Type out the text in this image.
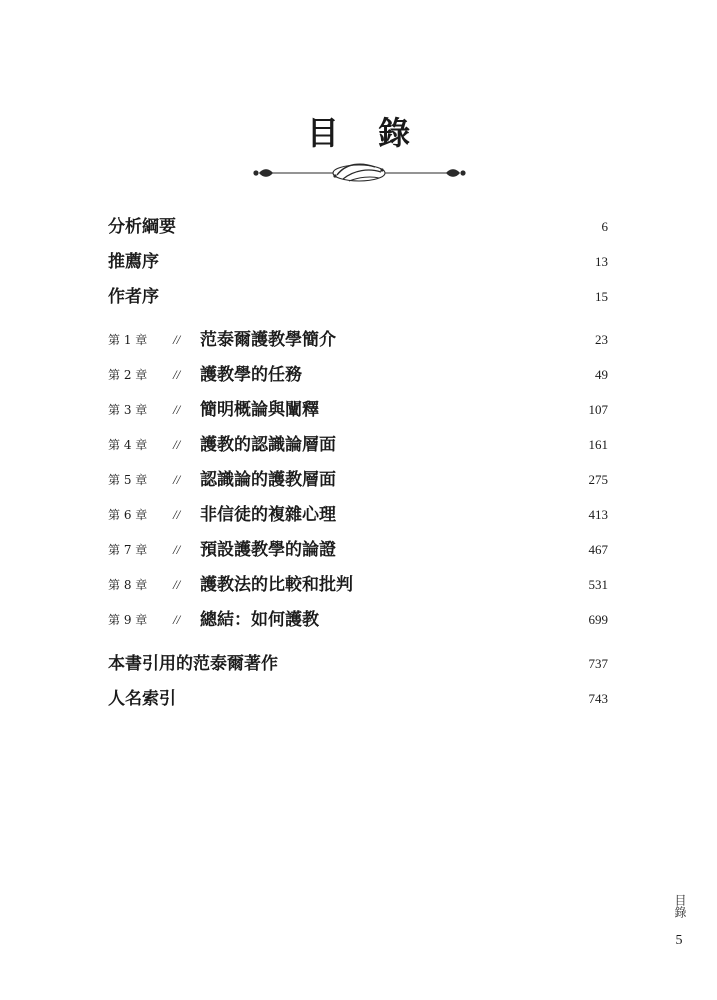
目 錄
分析綱要	6
推薦序	13
作者序	15
第 1 章 // 范泰爾護教學簡介	23
第 2 章 // 護教學的任務	49
第 3 章 // 簡明概論與闡釋	107
第 4 章 // 護教的認識論層面	161
第 5 章 // 認識論的護教層面	275
第 6 章 // 非信徒的複雜心理	413
第 7 章 // 預設護教學的論證	467
第 8 章 // 護教法的比較和批判	531
第 9 章 // 總結：如何護教	699
本書引用的范泰爾著作	737
人名索引	743
目錄
5
